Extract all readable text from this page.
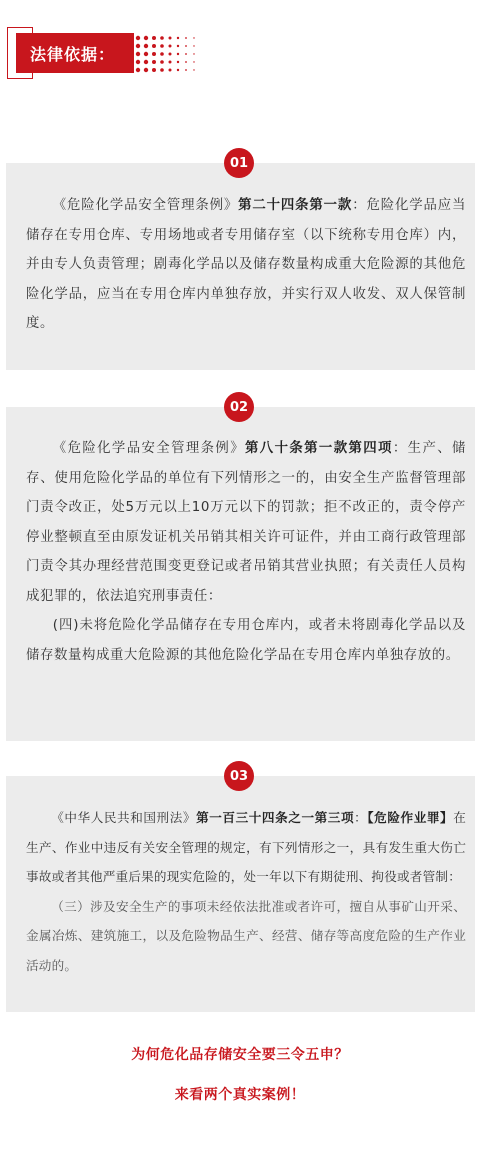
法律依据：
01

《危险化学品安全管理条例》第二十四条第一款：危险化学品应当储存在专用仓库、专用场地或者专用储存室（以下统称专用仓库）内，并由专人负责管理；剧毒化学品以及储存数量构成重大危险源的其他危险化学品，应当在专用仓库内单独存放，并实行双人收发、双人保管制度。

02

《危险化学品安全管理条例》第八十条第一款第四项：生产、储存、使用危险化学品的单位有下列情形之一的，由安全生产监督管理部门责令改正，处5万元以上10万元以下的罚款；拒不改正的，责令停产停业整顿直至由原发证机关吊销其相关许可证件，并由工商行政管理部门责令其办理经营范围变更登记或者吊销其营业执照；有关责任人员构成犯罪的，依法追究刑事责任：

(四)未将危险化学品储存在专用仓库内，或者未将剧毒化学品以及储存数量构成重大危险源的其他危险化学品在专用仓库内单独存放的。

03

《中华人民共和国刑法》第一百三十四条之一第三项：【危险作业罪】在生产、作业中违反有关安全管理的规定，有下列情形之一，具有发生重大伤亡事故或者其他严重后果的现实危险的，处一年以下有期徒刑、拘役或者管制：

（三）涉及安全生产的事项未经依法批准或者许可，擅自从事矿山开采、金属冶炼、建筑施工，以及危险物品生产、经营、储存等高度危险的生产作业活动的。

为何危化品存储安全要三令五申？
来看两个真实案例！
